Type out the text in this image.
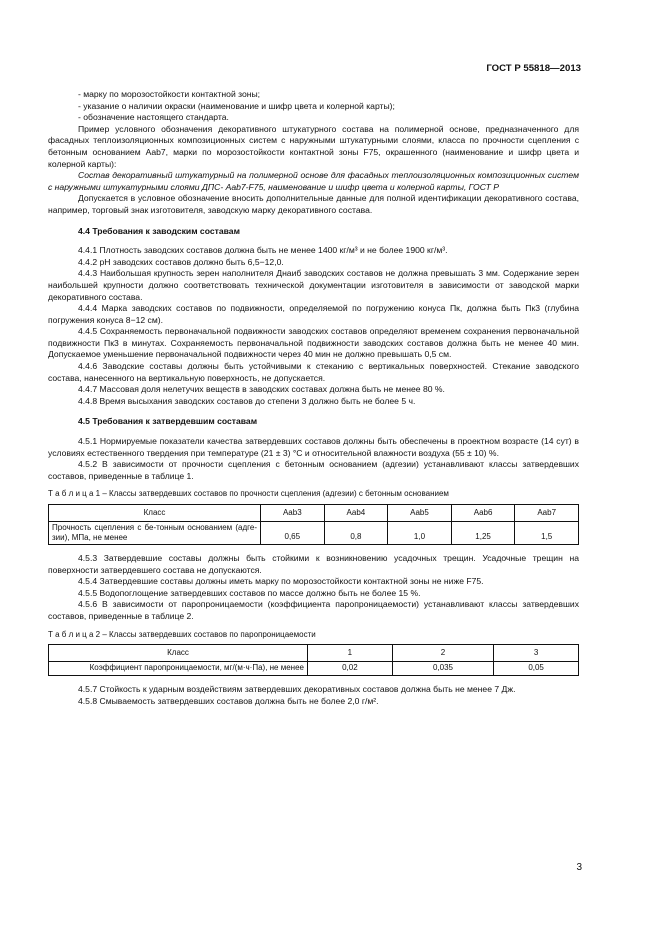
ГОСТ Р 55818—2013

- марку по морозостойкости контактной зоны;

- указание о наличии окраски (наименование и шифр цвета и колерной карты);

- обозначение настоящего стандарта.

Пример условного обозначения декоративного штукатурного состава на полимерной основе, предназначенного для фасадных теплоизоляционных композиционных систем с наружными штукатурными слоями, класса по прочности сцепления с бетонным основанием Aab7, марки по морозостойкости контактной зоны F75, окрашенного (наименование и шифр цвета и колерной карты):

Состав декоративный штукатурный на полимерной основе для фасадных теплоизоляционных композиционных систем с наружными штукатурными слоями ДПС- Aab7-F75, наименование и шифр цвета и колерной карты, ГОСТ Р

Допускается в условное обозначение вносить дополнительные данные для полной идентификации декоративного состава, например, торговый знак изготовителя, заводскую марку декоративного состава.

4.4 Требования к заводским составам

4.4.1 Плотность заводских составов должна быть не менее 1400 кг/м³ и не более 1900 кг/м³.

4.4.2 pH заводских составов должно быть 6,5−12,0.

4.4.3 Наибольшая крупность зерен наполнителя Днаиб заводских составов не должна превышать 3 мм. Содержание зерен наибольшей крупности должно соответствовать технической документации изготовителя в зависимости от заводской марки декоративного состава.

4.4.4 Марка заводских составов по подвижности, определяемой по погружению конуса Пк, должна быть Пк3 (глубина погружения конуса 8−12 см).

4.4.5 Сохраняемость первоначальной подвижности заводских составов определяют временем сохранения первоначальной подвижности Пк3 в минутах. Сохраняемость первоначальной подвижности заводских составов должна быть не менее 40 мин. Допускаемое уменьшение первоначальной подвижности через 40 мин не должно превышать 0,5 см.

4.4.6 Заводские составы должны быть устойчивыми к стеканию с вертикальных поверхностей. Стекание заводского состава, нанесенного на вертикальную поверхность, не допускается.

4.4.7 Массовая доля нелетучих веществ в заводских составах должна быть не менее 80 %.

4.4.8 Время высыхания заводских составов до степени 3 должно быть не более 5 ч.

4.5 Требования к затвердевшим составам

4.5.1 Нормируемые показатели качества затвердевших составов должны быть обеспечены в проектном возрасте (14 сут) в условиях естественного твердения при температуре (21 ± 3) °С и относительной влажности воздуха (55 ± 10) %.

4.5.2 В зависимости от прочности сцепления с бетонным основанием (адгезии) устанавливают классы затвердевших составов, приведенные в таблице 1.

Т а б л и ц а 1 – Классы затвердевших составов по прочности сцепления (адгезии) с бетонным основанием

Класс	Aab3	Aab4	Aab5	Aab6	Aab7
Прочность сцепления с бе-тонным основанием (адге-зии), МПа, не менее	0,65	0,8	1,0	1,25	1,5

4.5.3 Затвердевшие составы должны быть стойкими к возникновению усадочных трещин. Усадочные трещин на поверхности затвердевшего состава не допускаются.

4.5.4 Затвердевшие составы должны иметь марку по морозостойкости контактной зоны не ниже F75.

4.5.5 Водопоглощение затвердевших составов по массе должно быть не более 15 %.

4.5.6 В зависимости от паропроницаемости (коэффициента паропроницаемости) устанавливают классы затвердевших составов, приведенные в таблице 2.

Т а б л и ц а 2 – Классы затвердевших составов по паропроницаемости

Класс	1	2	3
Коэффициент паропроницаемости, мг/(м·ч·Па), не менее	0,02	0,035	0,05

4.5.7 Стойкость к ударным воздействиям затвердевших декоративных составов должна быть не менее 7 Дж.

4.5.8 Смываемость затвердевших составов должна быть не более 2,0 г/м².

3
